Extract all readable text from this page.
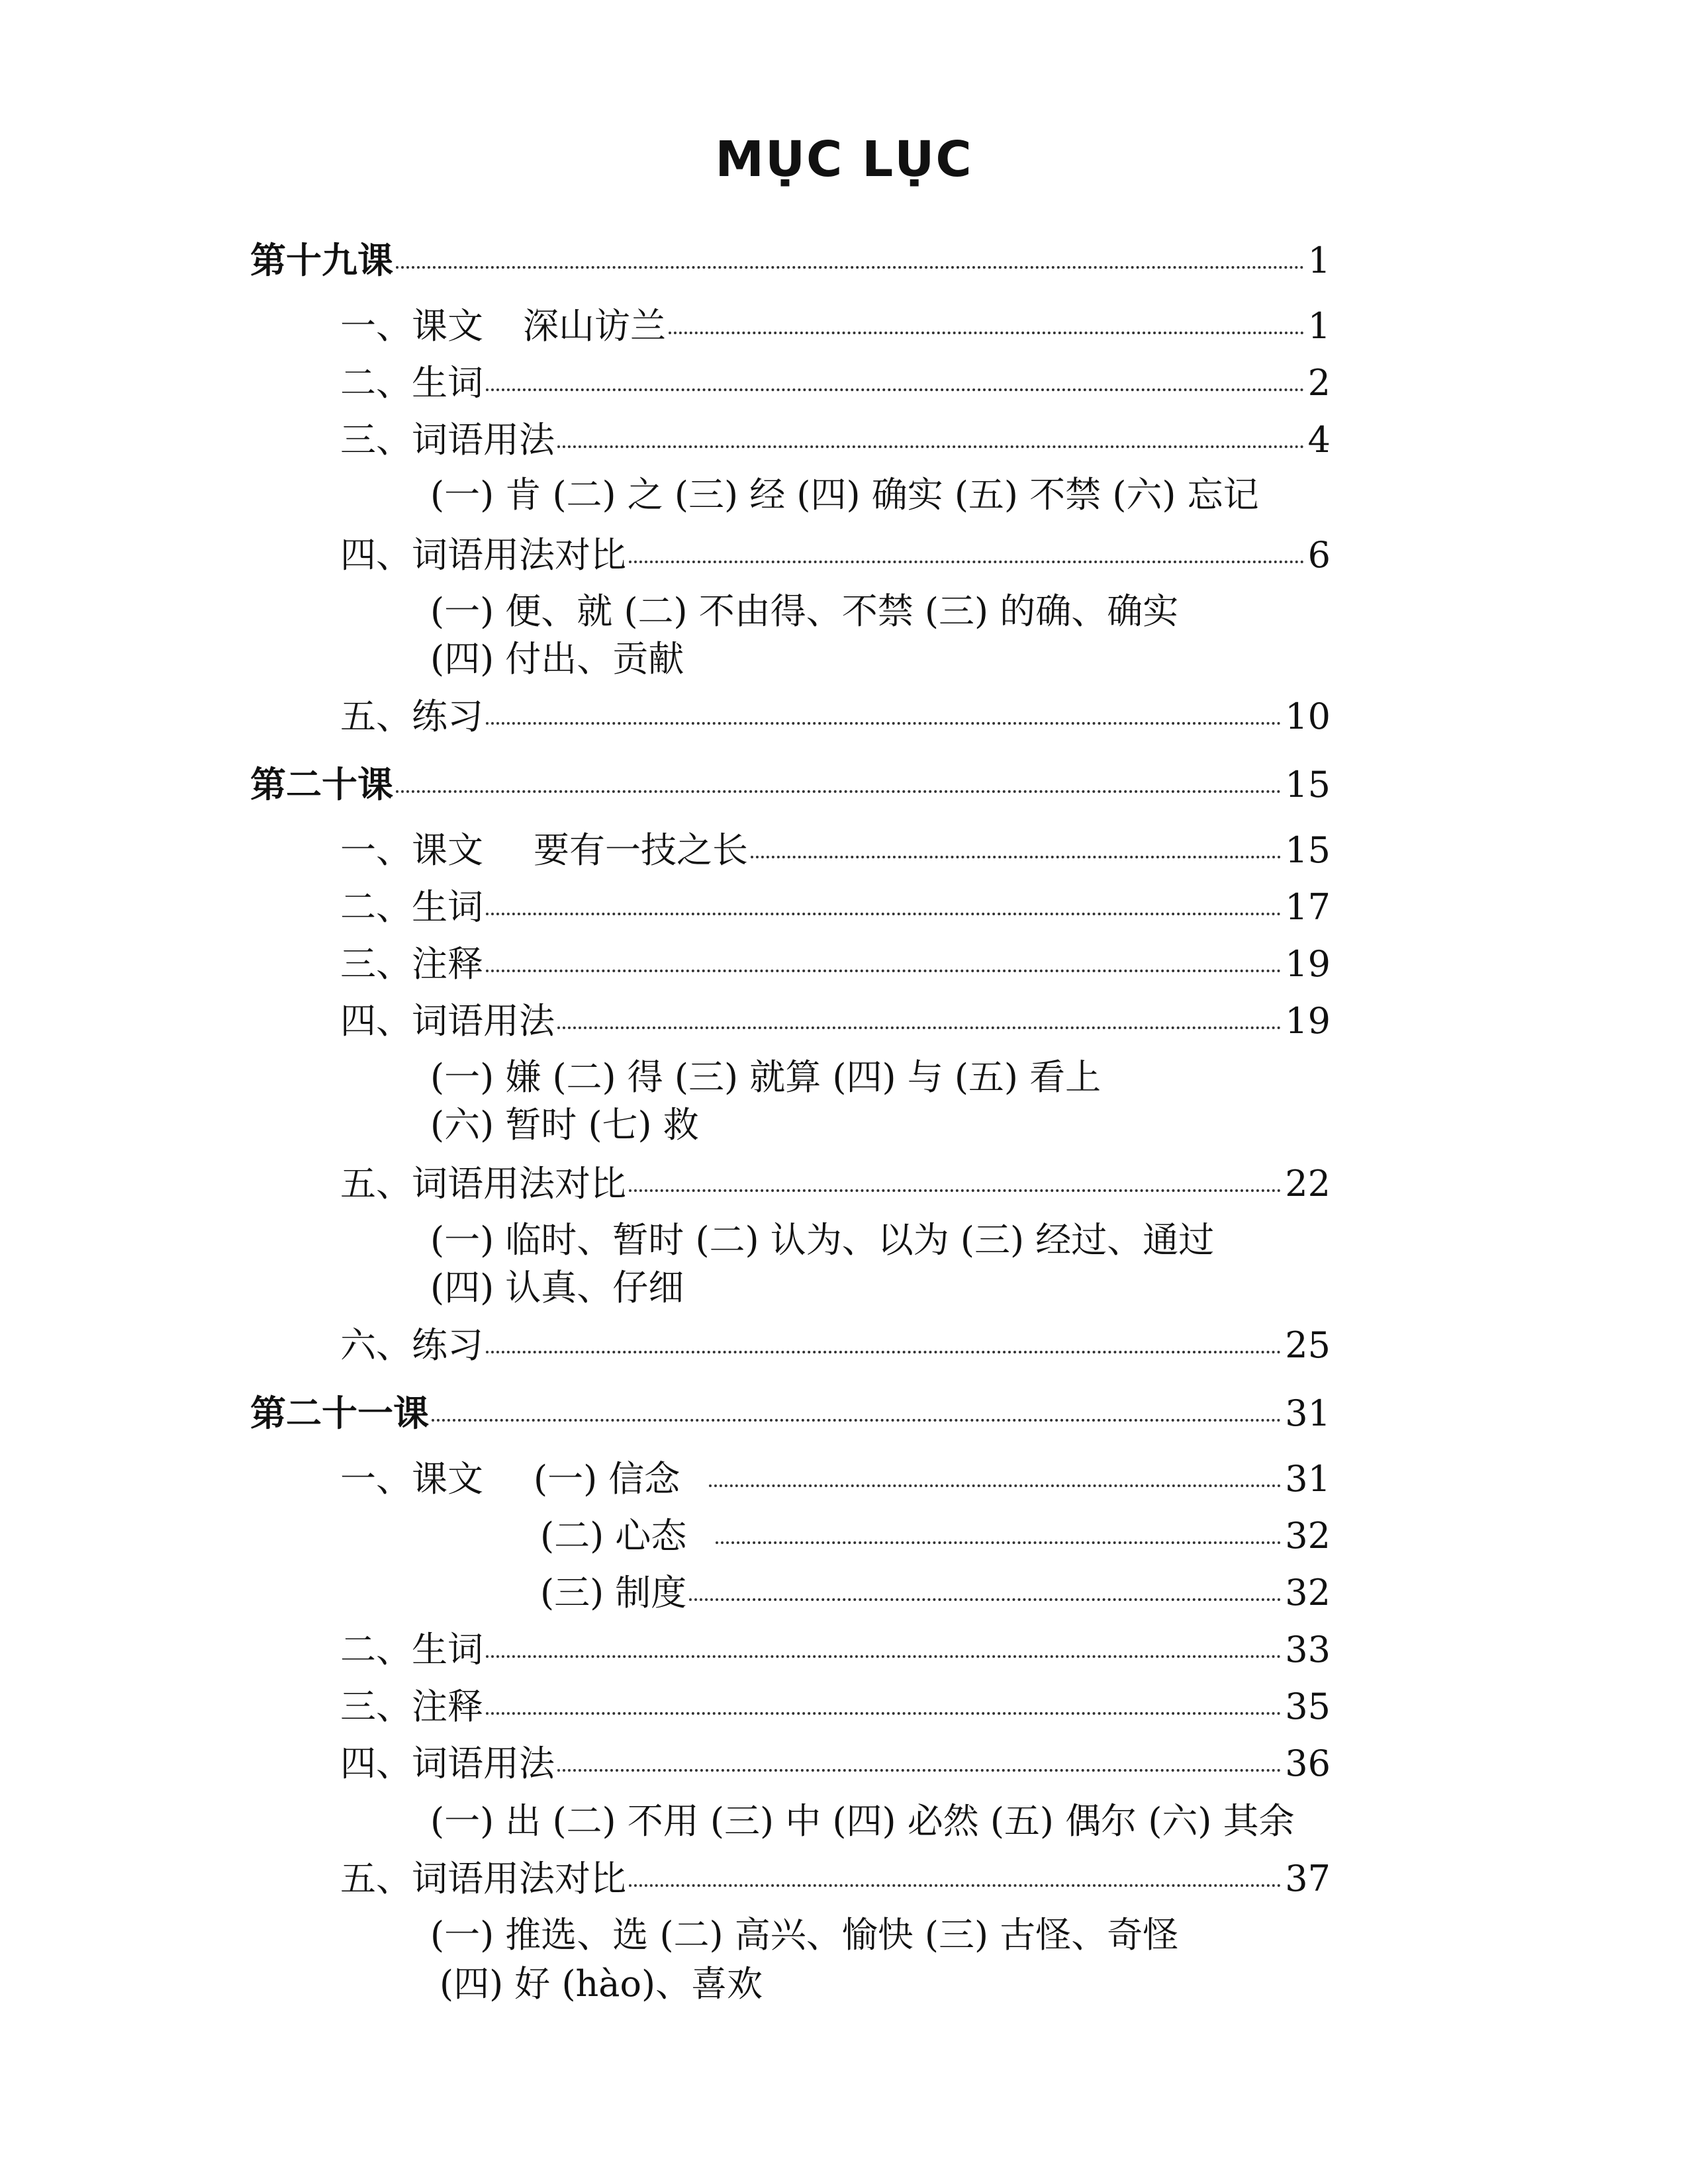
MỤC LỤC
第十九课	1
一、课文 深山访兰	1
二、生词	2
三、词语用法	4
(一) 肯 (二) 之 (三) 经 (四) 确实 (五) 不禁 (六) 忘记
四、词语用法对比	6
(一) 便、就 (二) 不由得、不禁 (三) 的确、确实
(四) 付出、贡献
五、练习	10
第二十课	15
一、课文 要有一技之长	15
二、生词	17
三、注释	19
四、词语用法	19
(一) 嫌 (二) 得 (三) 就算 (四) 与 (五) 看上
(六) 暂时 (七) 救
五、词语用法对比	22
(一) 临时、暂时 (二) 认为、以为 (三) 经过、通过
(四) 认真、仔细
六、练习	25
第二十一课	31
一、课文 (一) 信念	31
(二) 心态	32
(三) 制度	32
二、生词	33
三、注释	35
四、词语用法	36
(一) 出 (二) 不用 (三) 中 (四) 必然 (五) 偶尔 (六) 其余
五、词语用法对比	37
(一) 推选、选 (二) 高兴、愉快 (三) 古怪、奇怪
(四) 好 (hào)、喜欢
